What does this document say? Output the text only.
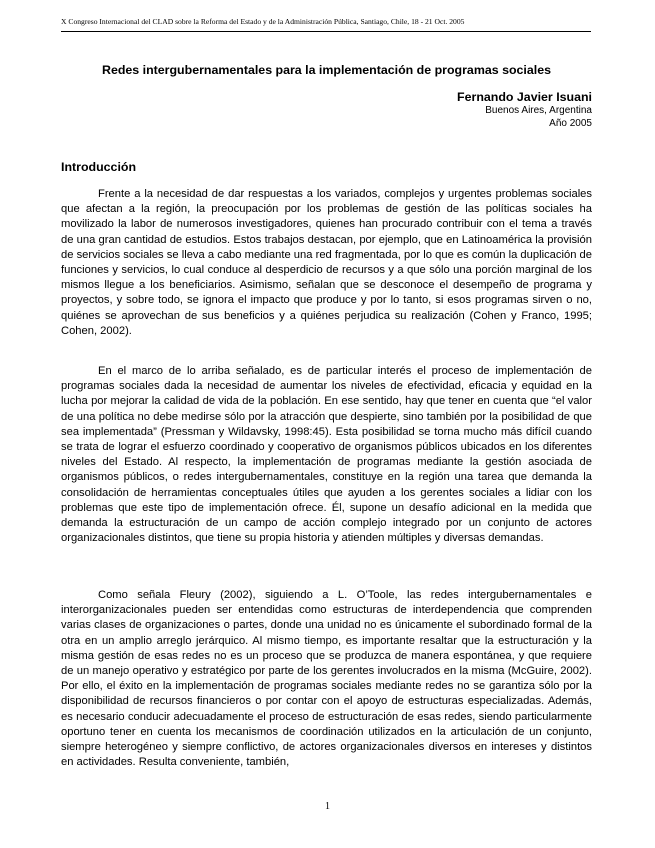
X Congreso Internacional del CLAD sobre la Reforma del Estado y de la Administración Pública, Santiago, Chile, 18 - 21 Oct. 2005
Redes intergubernamentales para la implementación de programas sociales
Fernando Javier Isuani
Buenos Aires, Argentina
Año 2005
Introducción

Frente a la necesidad de dar respuestas a los variados, complejos y urgentes problemas sociales que afectan a la región, la preocupación por los problemas de gestión de las políticas sociales ha movilizado la labor de numerosos investigadores, quienes han procurado contribuir con el tema a través de una gran cantidad de estudios. Estos trabajos destacan, por ejemplo, que en Latinoamérica la provisión de servicios sociales se lleva a cabo mediante una red fragmentada, por lo que es común la duplicación de funciones y servicios, lo cual conduce al desperdicio de recursos y a que sólo una porción marginal de los mismos llegue a los beneficiarios. Asimismo, señalan que se desconoce el desempeño de programa y proyectos, y sobre todo, se ignora el impacto que produce y por lo tanto, si esos programas sirven o no, quiénes se aprovechan de sus beneficios y a quiénes perjudica su realización (Cohen y Franco, 1995; Cohen, 2002).

En el marco de lo arriba señalado, es de particular interés el proceso de implementación de programas sociales dada la necesidad de aumentar los niveles de efectividad, eficacia y equidad en la lucha por mejorar la calidad de vida de la población. En ese sentido, hay que tener en cuenta que “el valor de una política no debe medirse sólo por la atracción que despierte, sino también por la posibilidad de que sea implementada” (Pressman y Wildavsky, 1998:45). Esta posibilidad se torna mucho más difícil cuando se trata de lograr el esfuerzo coordinado y cooperativo de organismos públicos ubicados en los diferentes niveles del Estado. Al respecto, la implementación de programas mediante la gestión asociada de organismos públicos, o redes intergubernamentales, constituye en la región una tarea que demanda la consolidación de herramientas conceptuales útiles que ayuden a los gerentes sociales a lidiar con los problemas que este tipo de implementación ofrece. Él, supone un desafío adicional en la medida que demanda la estructuración de un campo de acción complejo integrado por un conjunto de actores organizacionales distintos, que tiene su propia historia y atienden múltiples y diversas demandas.

Como señala Fleury (2002), siguiendo a L. O’Toole, las redes intergubernamentales e interorganizacionales pueden ser entendidas como estructuras de interdependencia que comprenden varias clases de organizaciones o partes, donde una unidad no es únicamente el subordinado formal de la otra en un amplio arreglo jerárquico. Al mismo tiempo, es importante resaltar que la estructuración y la misma gestión de esas redes no es un proceso que se produzca de manera espontánea, y que requiere de un manejo operativo y estratégico por parte de los gerentes involucrados en la misma (McGuire, 2002). Por ello, el éxito en la implementación de programas sociales mediante redes no se garantiza sólo por la disponibilidad de recursos financieros o por contar con el apoyo de estructuras especializadas. Además, es necesario conducir adecuadamente el proceso de estructuración de esas redes, siendo particularmente oportuno tener en cuenta los mecanismos de coordinación utilizados en la articulación de un conjunto, siempre heterogéneo y siempre conflictivo, de actores organizacionales diversos en intereses y distintos en actividades. Resulta conveniente, también,

1
